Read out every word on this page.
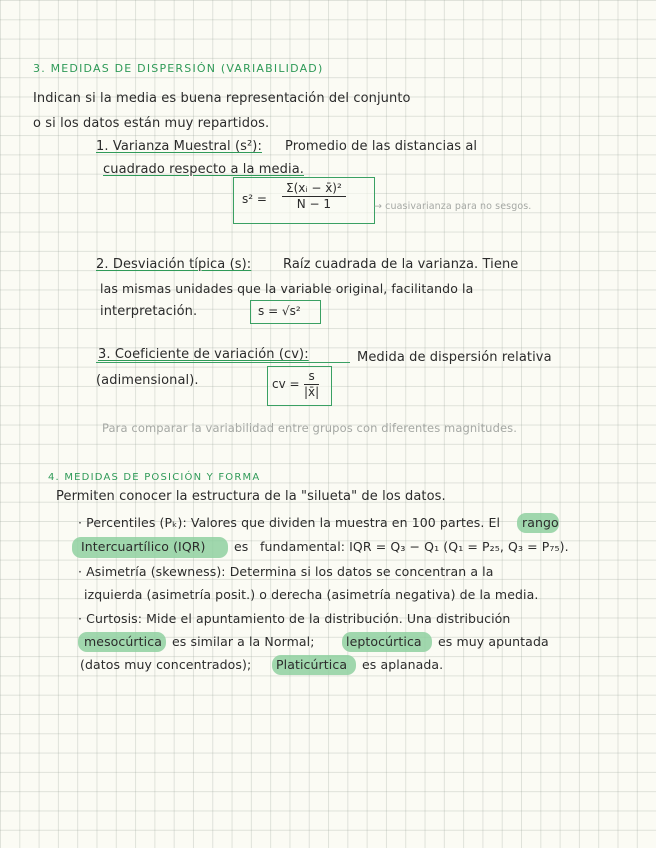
3. MEDIDAS DE DISPERSIÓN (VARIABILIDAD)
Indican si la media es buena representación del conjunto
o si los datos están muy repartidos.
1. Varianza Muestral (s²): Promedio de las distancias al
cuadrado respecto a la media.
$s^2 = \frac{\text{Σ(xᵢ − x̄)²}}{N - 1}$	→ cuasivarianza para no sesgos.
2. Desviación típica (s): Raíz cuadrada de la varianza. Tiene
las mismas unidades que la variable original, facilitando la
interpretación.	s = √s²
3. Coeficiente de variación (cv):	Medida de dispersión relativa
(adimensional).	cv = $\frac{s}{|x̄|}$
Para comparar la variabilidad entre grupos con diferentes magnitudes.
4. MEDIDAS DE POSICIÓN Y FORMA
Permiten conocer la estructura de la "silueta" de los datos.
· Percentiles (Pₖ): Valores que dividen la muestra en 100 partes. El rango
Intercuartílico (IQR) es fundamental: IQR = Q₃ − Q₁ (Q₁ = P₂₅, Q₃ = P₇₅).
· Asimetría (skewness): Determina si los datos se concentran a la
izquierda (asimetría posit.) o derecha (asimetría negativa) de la media.
· Curtosis: Mide el apuntamiento de la distribución. Una distribución
mesocúrtica es similar a la Normal;	leptocúrtica es muy apuntada
(datos muy concentrados); Platicúrtica es aplanada.
